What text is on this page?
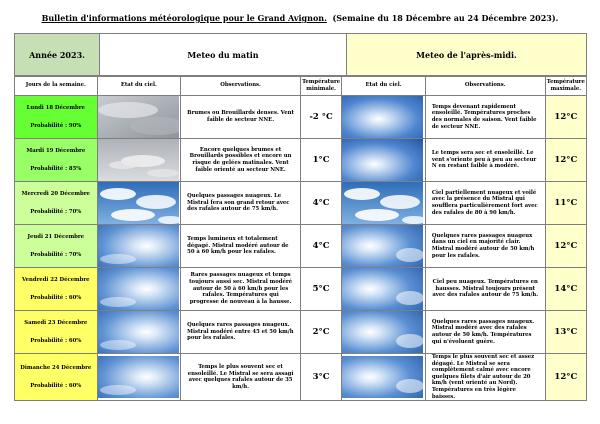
Bulletin d'informations météorologique pour le Grand Avignon. (Semaine du 18 Décembre au 24 Décembre 2023).
Année 2023.	Meteo du matin	Meteo de l'après-midi.
Jours de la semaine.	Etat du ciel.	Observations.	Température minimale.	Etat du ciel.	Observations.	Température maximale.

Lundi 18 Décembre
Probabilité : 90%		Brumes ou Brouillards denses. Vent faible de secteur NNE.	-2 °C		Temps devenant rapidement ensoleillé. Températures proches des normales de saison. Vent faible de secteur NNE.	12°C

Mardi 19 Décembre
Probabilité : 85%		Encore quelques brumes et Brouillards possibles et encore un risque de gelées matinales. Vent faible orienté au secteur NNE.	1°C		Le temps sera sec et ensoleillé. Le vent s'oriente peu à peu au secteur N en restant faible à modéré.	12°C

Mercredi 20 Décembre
Probabilité : 70%		Quelques passages nuageux. Le Mistral fera son grand retour avec des rafales autour de 75 km/h.	4°C		Ciel partiellement nuageux et voilé avec la présence du Mistral qui soufflera particulièrement fort avec des rafales de 80 à 90 km/h.	11°C

Jeudi 21 Décembre
Probabilité : 70%		Temps lumineux et totalement dégagé. Mistral modéré autour de 50 à 60 km/h pour les rafales.	4°C		Quelques rares passages nuageux dans un ciel en majorité clair. Mistral modéré autour de 50 km/h pour les rafales.	12°C

Vendredi 22 Décembre
Probabilité : 60%		Rares passages nuageux et temps toujours aussi sec. Mistral modéré autour de 50 à 60 km/h pour les rafales. Températures qui progresse de nouveau à la hausse.	5°C		Ciel peu nuageux. Températures en hausses. Mistral toujours présent avec des rafales autour de 75 km/h.	14°C

Samedi 23 Décembre
Probabilité : 60%		Quelques rares passages nuageux. Mistral modéré entre 45 et 50 km/h pour les rafales.	2°C		Quelques rares passages nuageux. Mistral modéré avec des rafales autour de 50 km/h. Températures qui n'évoluent guère.	13°C

Dimanche 24 Décembre
Probabilité : 60%		Temps le plus souvent sec et ensoleillé. Le Mistral se sera assagi avec quelques rafales autour de 35 km/h.	3°C		Temps le plus souvent sec et assez dégagé. Le Mistral se sera complètement calmé avec encore quelques filets d'air autour de 20 km/h (vent orienté au Nord). Températures en très légère baisses.	12°C
